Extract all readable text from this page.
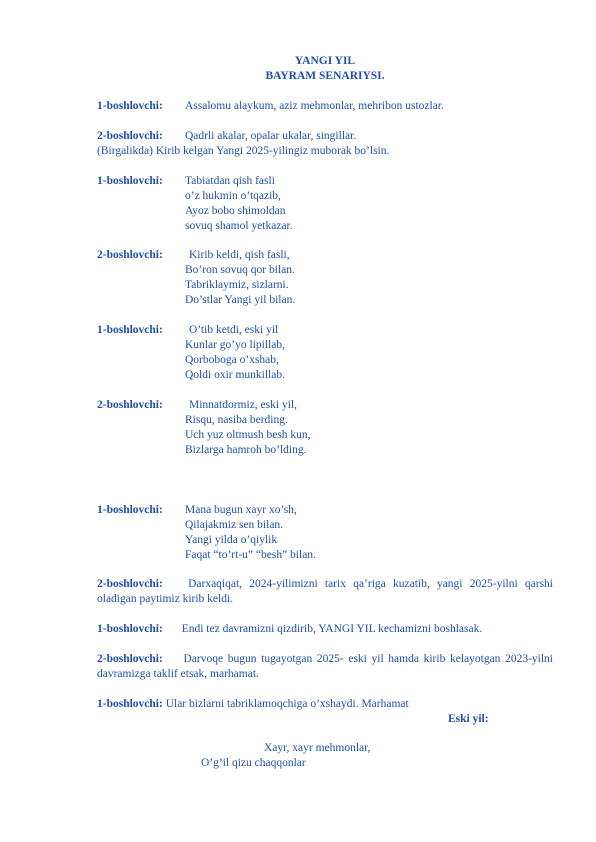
YANGI YIL
BAYRAM SENARIYSI.
1-boshlovchi: Assalomu alaykum, aziz mehmonlar, mehribon ustozlar.
2-boshlovchi: Qadrli akalar, opalar ukalar, singillar.
(Birgalikda) Kirib kelgan Yangi 2025-yilingiz muborak bo’lsin.
1-boshlovchi: Tabiatdan qish fasli
o’z hukmin o’tqazib,
Ayoz bobo shimoldan
sovuq shamol yetkazar.
2-boshlovchi: Kirib keldi, qish fasli,
Bo’ron sovuq qor bilan.
Tabriklaymiz, sizlarni.
Do’stlar Yangi yil bilan.
1-boshlovchi: O’tib ketdi, eski yil
Kunlar go’yo lipillab,
Qorboboga o’xshab,
Qoldi oxir munkillab.
2-boshlovchi: Minnatdormiz, eski yil,
Risqu, nasiba berding.
Uch yuz oltmush besh kun,
Bizlarga hamroh bo’lding.
1-boshlovchi: Mana bugun xayr xo’sh,
Qilajakmiz sen bilan.
Yangi yilda o’qiylik
Faqat “to’rt-u” “besh” bilan.
2-boshlovchi: Darxaqiqat, 2024-yilimizni tarix qa’riga kuzatib, yangi 2025-yilni qarshi oladigan paytimiz kirib keldi.
1-boshlovchi: Endi tez davramizni qizdirib, YANGI YIL kechamizni boshlasak.
2-boshlovchi: Darvoqe bugun tugayotgan 2025- eski yil hamda kirib kelayotgan 2023-yilni davramizga taklif etsak, marhamat.
1-boshlovchi: Ular bizlarni tabriklamoqchiga o’xshaydi. Marhamat
Eski yil:
Xayr, xayr mehmonlar,
O’g’il qizu chaqqonlar
